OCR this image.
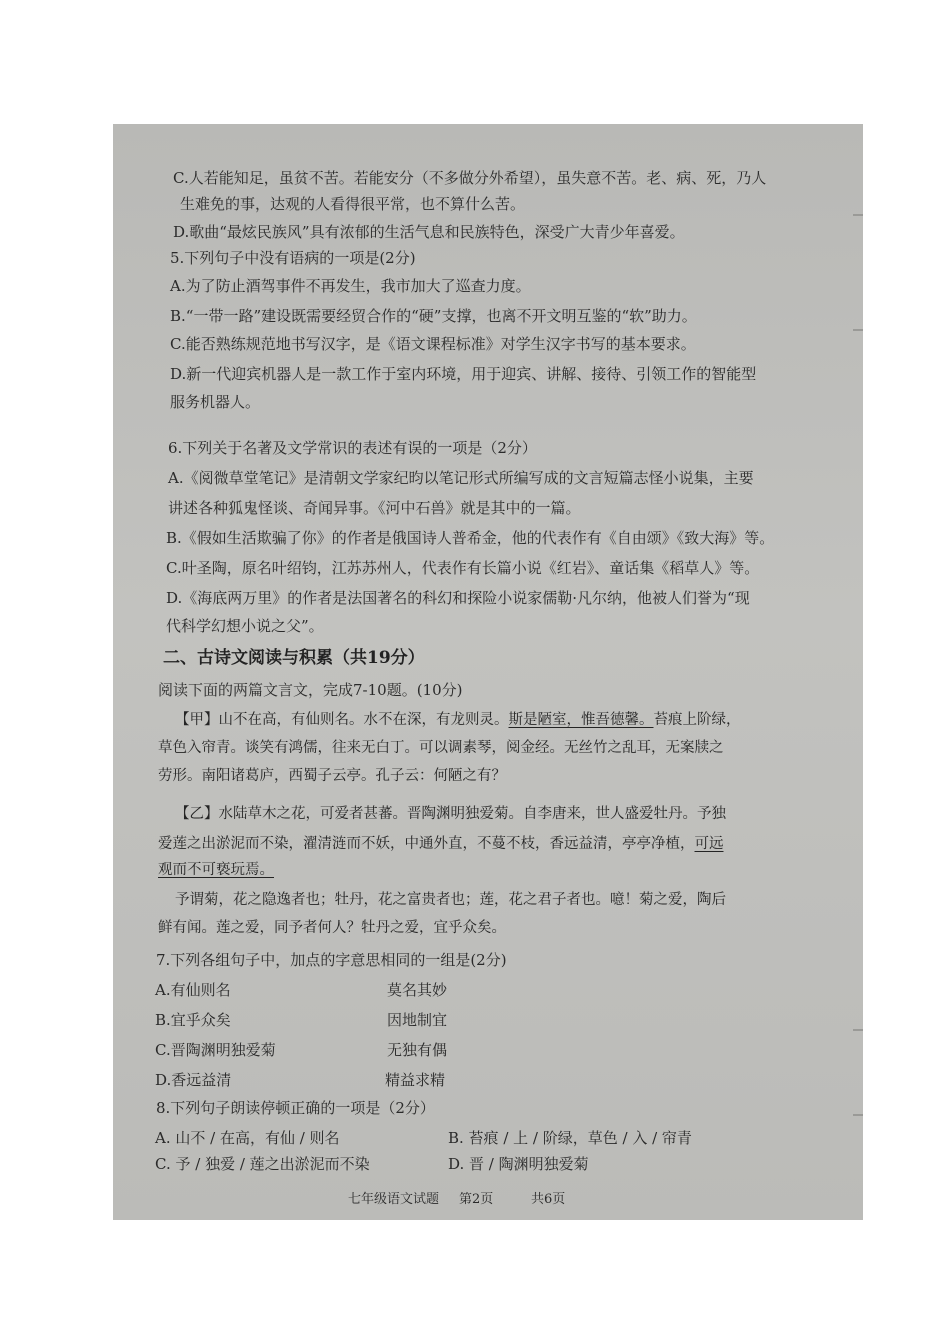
C.人若能知足，虽贫不苦。若能安分（不多做分外希望），虽失意不苦。老、病、死，乃人
生难免的事，达观的人看得很平常，也不算什么苦。
D.歌曲“最炫民族风”具有浓郁的生活气息和民族特色，深受广大青少年喜爱。
5.下列句子中没有语病的一项是(2分)
A.为了防止酒驾事件不再发生，我市加大了巡查力度。
B.“一带一路”建设既需要经贸合作的“硬”支撑，也离不开文明互鉴的“软”助力。
C.能否熟练规范地书写汉字，是《语文课程标准》对学生汉字书写的基本要求。
D.新一代迎宾机器人是一款工作于室内环境，用于迎宾、讲解、接待、引领工作的智能型
服务机器人。
6.下列关于名著及文学常识的表述有误的一项是（2分）
A.《阅微草堂笔记》是清朝文学家纪昀以笔记形式所编写成的文言短篇志怪小说集，主要
讲述各种狐鬼怪谈、奇闻异事。《河中石兽》就是其中的一篇。
B.《假如生活欺骗了你》的作者是俄国诗人普希金，他的代表作有《自由颂》《致大海》等。
C.叶圣陶，原名叶绍钧，江苏苏州人，代表作有长篇小说《红岩》、童话集《稻草人》等。
D.《海底两万里》的作者是法国著名的科幻和探险小说家儒勒·凡尔纳，他被人们誉为“现
代科学幻想小说之父”。
二、古诗文阅读与积累（共19分）
阅读下面的两篇文言文，完成7-10题。(10分)
【甲】山不在高，有仙则名。水不在深，有龙则灵。斯是陋室，惟吾德馨。苔痕上阶绿，
草色入帘青。谈笑有鸿儒，往来无白丁。可以调素琴，阅金经。无丝竹之乱耳，无案牍之
劳形。南阳诸葛庐，西蜀子云亭。孔子云：何陋之有？
【乙】水陆草木之花，可爱者甚蕃。晋陶渊明独爱菊。自李唐来，世人盛爱牡丹。予独
爱莲之出淤泥而不染，濯清涟而不妖，中通外直，不蔓不枝，香远益清，亭亭净植，可远
观而不可亵玩焉。
予谓菊，花之隐逸者也；牡丹，花之富贵者也；莲，花之君子者也。噫！菊之爱，陶后
鲜有闻。莲之爱，同予者何人？牡丹之爱，宜乎众矣。
7.下列各组句子中，加点的字意思相同的一组是(2分)
A.有仙则名	莫名其妙
B.宜乎众矣	因地制宜
C.晋陶渊明独爱菊	无独有偶
D.香远益清	精益求精
8.下列句子朗读停顿正确的一项是（2分）
A. 山不 / 在高，有仙 / 则名	B. 苔痕 / 上 / 阶绿，草色 / 入 / 帘青
C. 予 / 独爱 / 莲之出淤泥而不染	D. 晋 / 陶渊明独爱菊
七年级语文试题 第2页	共6页
